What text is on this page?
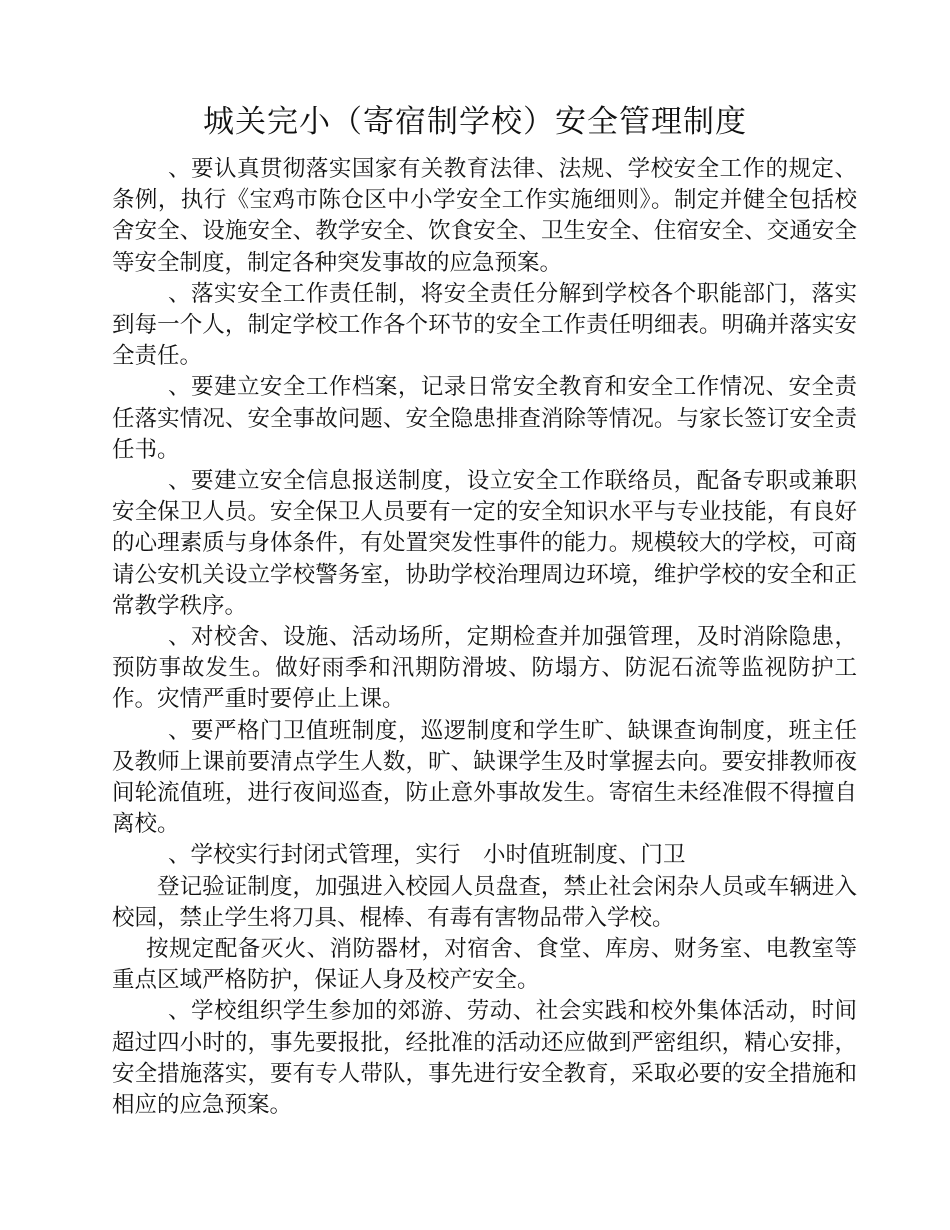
城关完小（寄宿制学校）安全管理制度

、要认真贯彻落实国家有关教育法律、法规、学校安全工作的规定、条例，执行《宝鸡市陈仓区中小学安全工作实施细则》。制定并健全包括校舍安全、设施安全、教学安全、饮食安全、卫生安全、住宿安全、交通安全等安全制度，制定各种突发事故的应急预案。

、落实安全工作责任制，将安全责任分解到学校各个职能部门，落实到每一个人，制定学校工作各个环节的安全工作责任明细表。明确并落实安全责任。

、要建立安全工作档案，记录日常安全教育和安全工作情况、安全责任落实情况、安全事故问题、安全隐患排查消除等情况。与家长签订安全责任书。

、要建立安全信息报送制度，设立安全工作联络员，配备专职或兼职安全保卫人员。安全保卫人员要有一定的安全知识水平与专业技能，有良好的心理素质与身体条件，有处置突发性事件的能力。规模较大的学校，可商请公安机关设立学校警务室，协助学校治理周边环境，维护学校的安全和正常教学秩序。

、对校舍、设施、活动场所，定期检查并加强管理，及时消除隐患，预防事故发生。做好雨季和汛期防滑坡、防塌方、防泥石流等监视防护工作。灾情严重时要停止上课。

、要严格门卫值班制度，巡逻制度和学生旷、缺课查询制度，班主任及教师上课前要清点学生人数，旷、缺课学生及时掌握去向。要安排教师夜间轮流值班，进行夜间巡查，防止意外事故发生。寄宿生未经准假不得擅自离校。

、学校实行封闭式管理，实行　小时值班制度、门卫

登记验证制度，加强进入校园人员盘查，禁止社会闲杂人员或车辆进入校园，禁止学生将刀具、棍棒、有毒有害物品带入学校。

按规定配备灭火、消防器材，对宿舍、食堂、库房、财务室、电教室等重点区域严格防护，保证人身及校产安全。

、学校组织学生参加的郊游、劳动、社会实践和校外集体活动，时间超过四小时的，事先要报批，经批准的活动还应做到严密组织，精心安排，安全措施落实，要有专人带队，事先进行安全教育，采取必要的安全措施和相应的应急预案。
